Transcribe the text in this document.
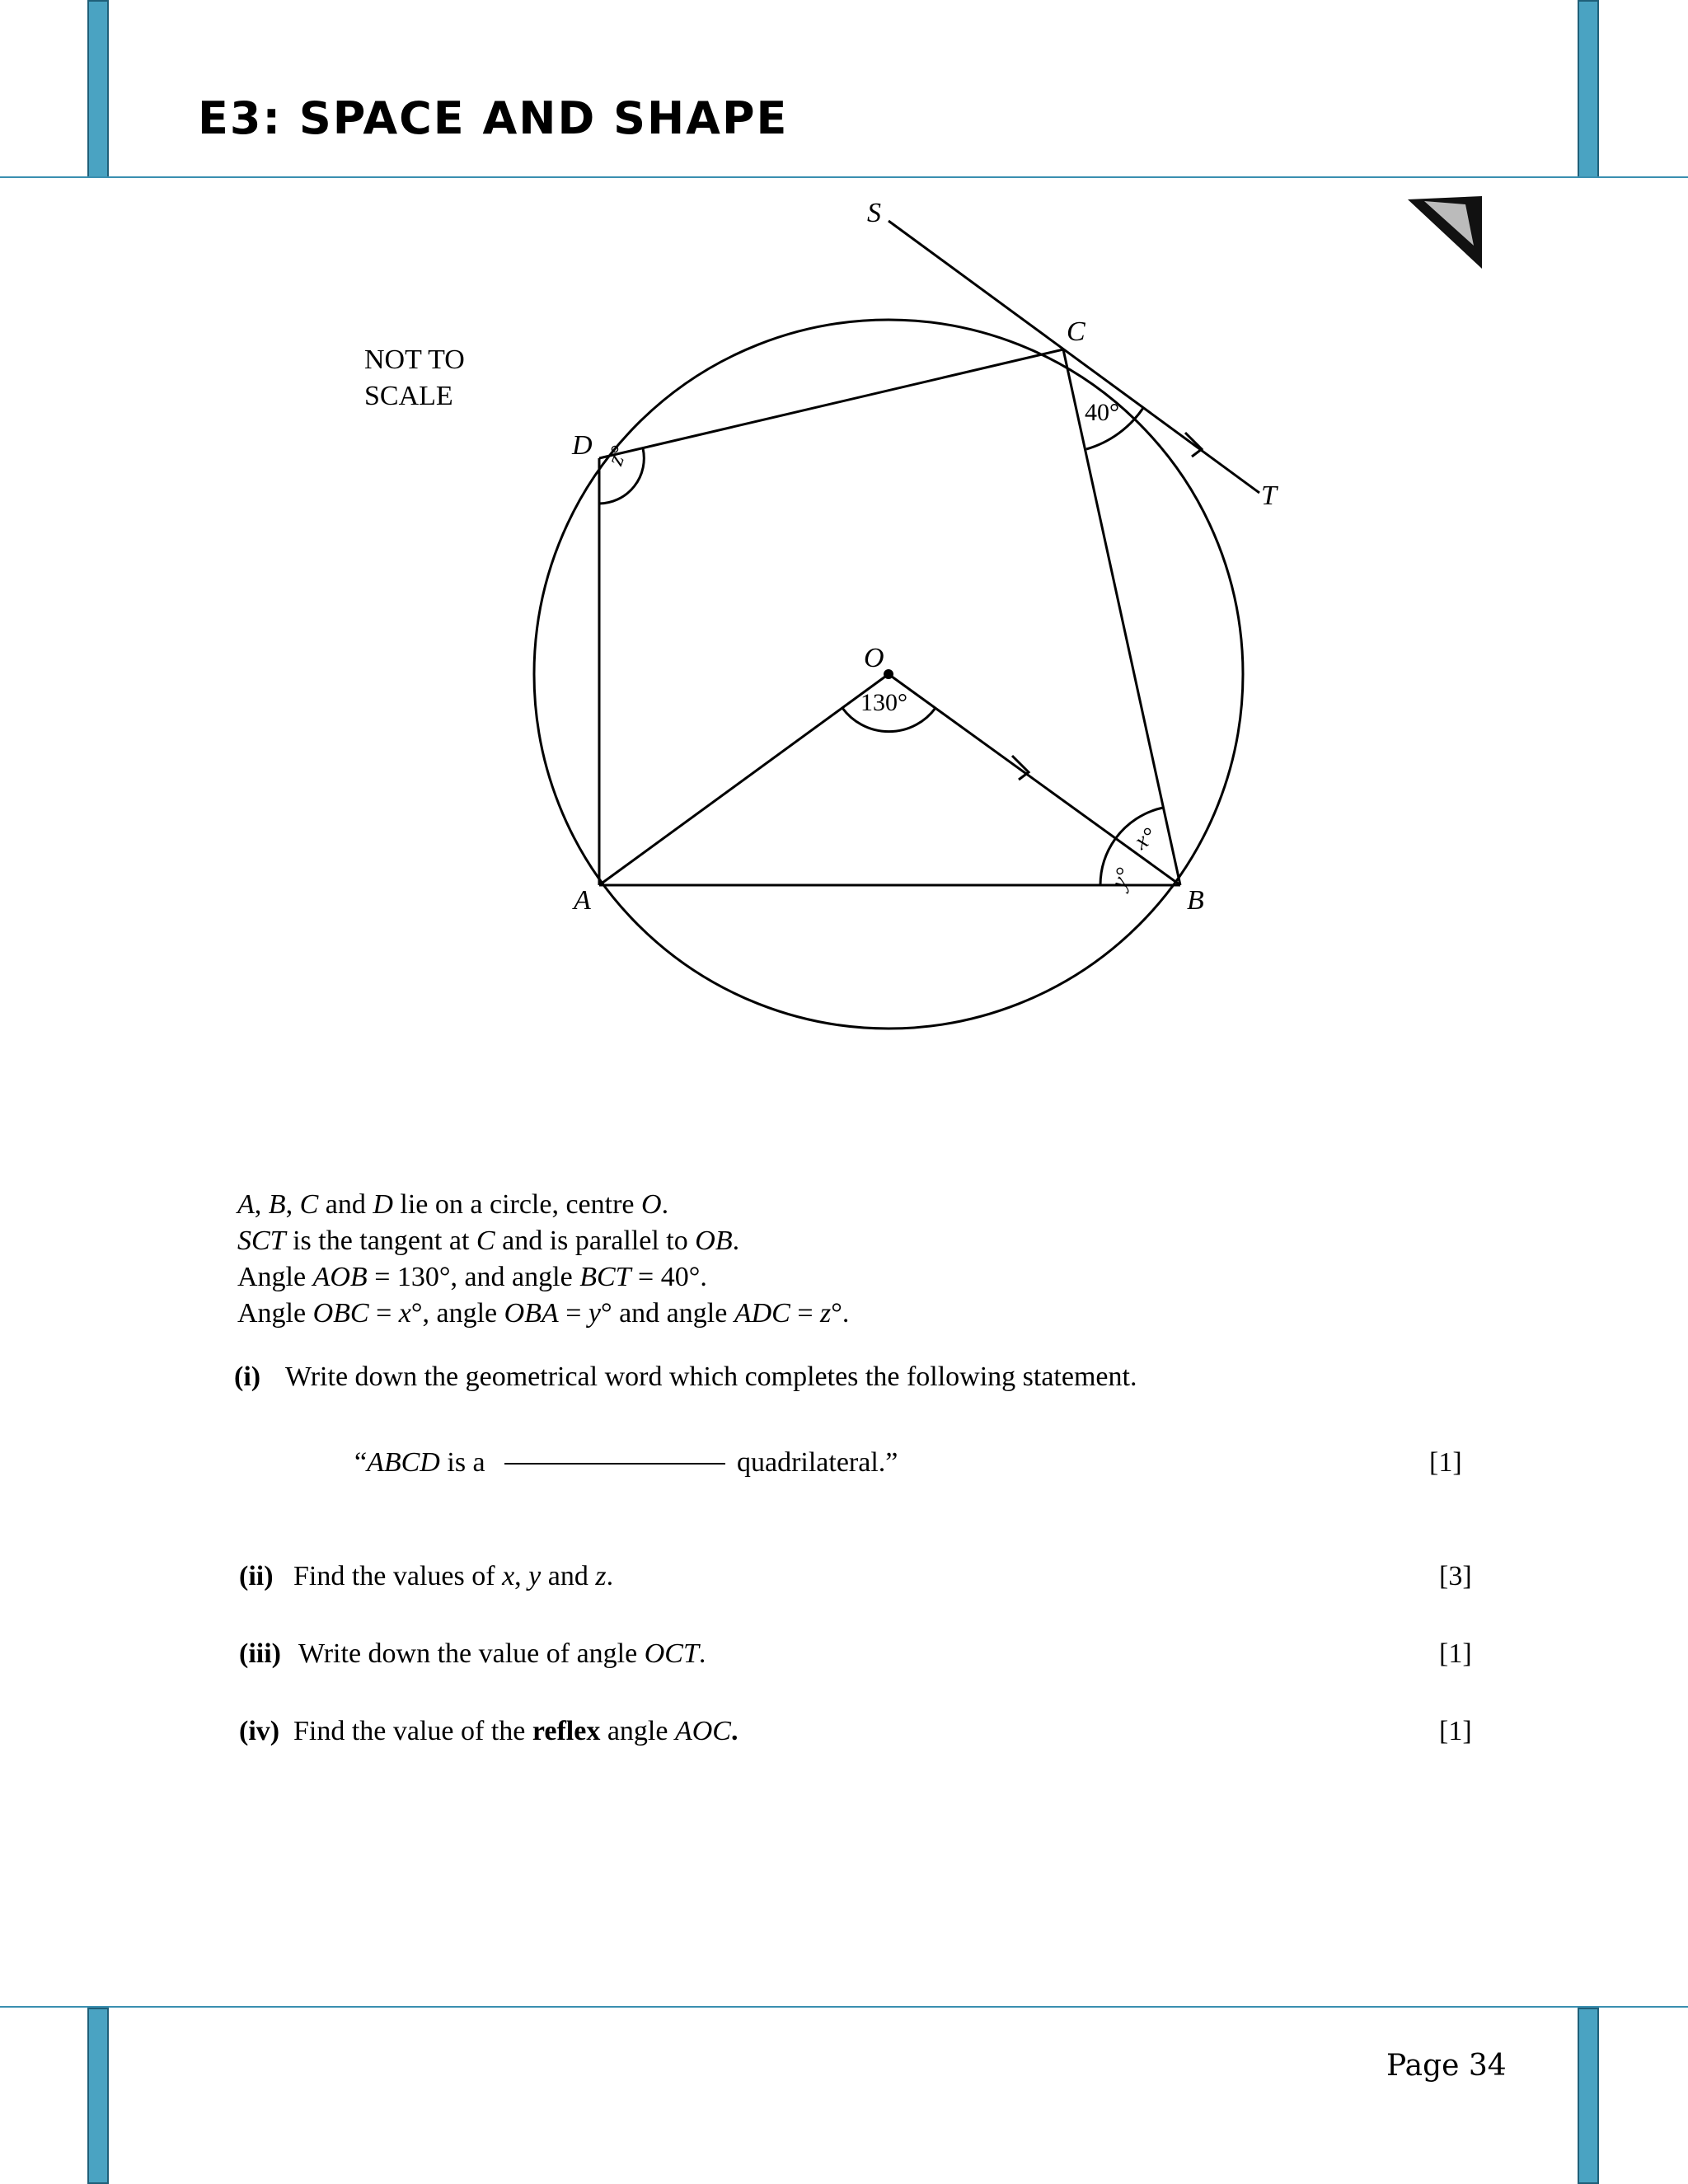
E3: SPACE AND SHAPE
Page 34
NOT TO
SCALE
S
C
T
D
O
A	B
40°
130°
z°
x°
y°
A, B, C and D lie on a circle, centre O.
SCT is the tangent at C and is parallel to OB.
Angle AOB = 130°, and angle BCT = 40°.
Angle OBC = x°, angle OBA = y° and angle ADC = z°.
(i) Write down the geometrical word which completes the following statement.
“ABCD is a	quadrilateral.”	[1]
(ii) Find the values of x, y and z.	[3]
(iii) Write down the value of angle OCT.	[1]
(iv) Find the value of the reflex angle AOC.	[1]
